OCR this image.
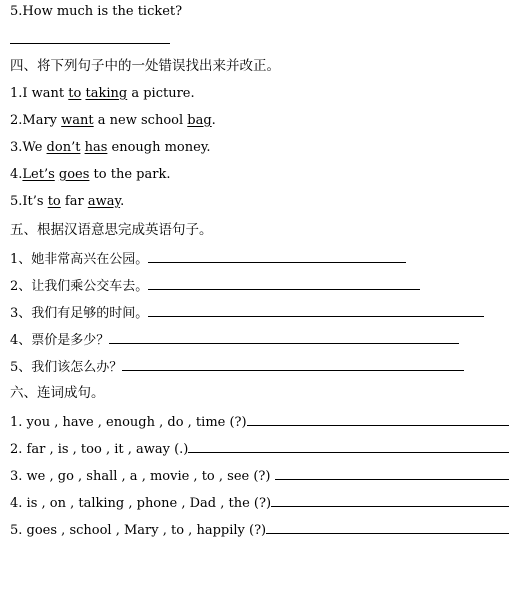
5.How much is the ticket?
四、将下列句子中的一处错误找出来并改正。
1.I want to taking a picture.
2.Mary want a new school bag.
3.We don’t has enough money.
4.Let’s goes to the park.
5.It’s to far away.
五、根据汉语意思完成英语句子。
1、她非常高兴在公园。
2、让我们乘公交车去。
3、我们有足够的时间。
4、票价是多少？
5、我们该怎么办？
六、连词成句。
1. you , have , enough , do , time (?)
2. far , is , too , it , away (.)
3. we , go , shall , a , movie , to , see (?)
4. is , on , talking , phone , Dad , the (?)
5. goes , school , Mary , to , happily (?)
